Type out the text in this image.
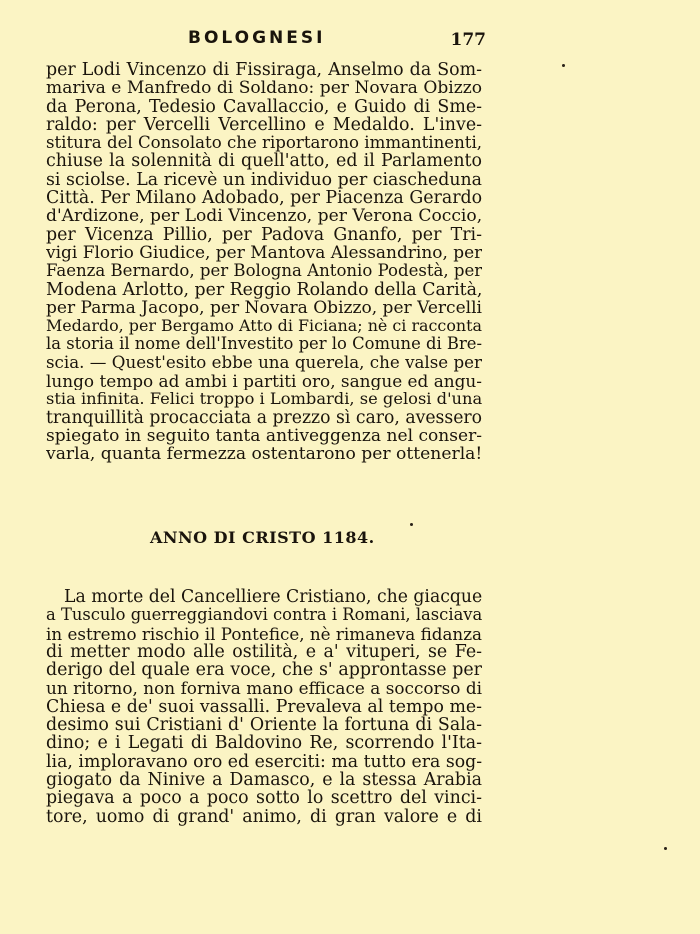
BOLOGNESI	177
per Lodi Vincenzo di Fissiraga, Anselmo da Som-
mariva e Manfredo di Soldano: per Novara Obizzo
da Perona, Tedesio Cavallaccio, e Guido di Sme-
raldo: per Vercelli Vercellino e Medaldo. L'inve-
stitura del Consolato che riportarono immantinenti,
chiuse la solennità di quell'atto, ed il Parlamento
si sciolse. La ricevè un individuo per ciascheduna
Città. Per Milano Adobado, per Piacenza Gerardo
d'Ardizone, per Lodi Vincenzo, per Verona Coccio,
per Vicenza Pillio, per Padova Gnanfo, per Tri-
vigi Florio Giudice, per Mantova Alessandrino, per
Faenza Bernardo, per Bologna Antonio Podestà, per
Modena Arlotto, per Reggio Rolando della Carità,
per Parma Jacopo, per Novara Obizzo, per Vercelli
Medardo, per Bergamo Atto di Ficiana; nè ci racconta
la storia il nome dell'Investito per lo Comune di Bre-
scia. — Quest'esito ebbe una querela, che valse per
lungo tempo ad ambi i partiti oro, sangue ed angu-
stia infinita. Felici troppo i Lombardi, se gelosi d'una
tranquillità procacciata a prezzo sì caro, avessero
spiegato in seguito tanta antiveggenza nel conser-
varla, quanta fermezza ostentarono per ottenerla!
ANNO DI CRISTO 1184.
La morte del Cancelliere Cristiano, che giacque
a Tusculo guerreggiandovi contra i Romani, lasciava
in estremo rischio il Pontefice, nè rimaneva fidanza
di metter modo alle ostilità, e a' vituperi, se Fe-
derigo del quale era voce, che s' approntasse per
un ritorno, non forniva mano efficace a soccorso di
Chiesa e de' suoi vassalli. Prevaleva al tempo me-
desimo sui Cristiani d' Oriente la fortuna di Sala-
dino; e i Legati di Baldovino Re, scorrendo l'Ita-
lia, imploravano oro ed eserciti: ma tutto era sog-
giogato da Ninive a Damasco, e la stessa Arabia
piegava a poco a poco sotto lo scettro del vinci-
tore, uomo di grand' animo, di gran valore e di
